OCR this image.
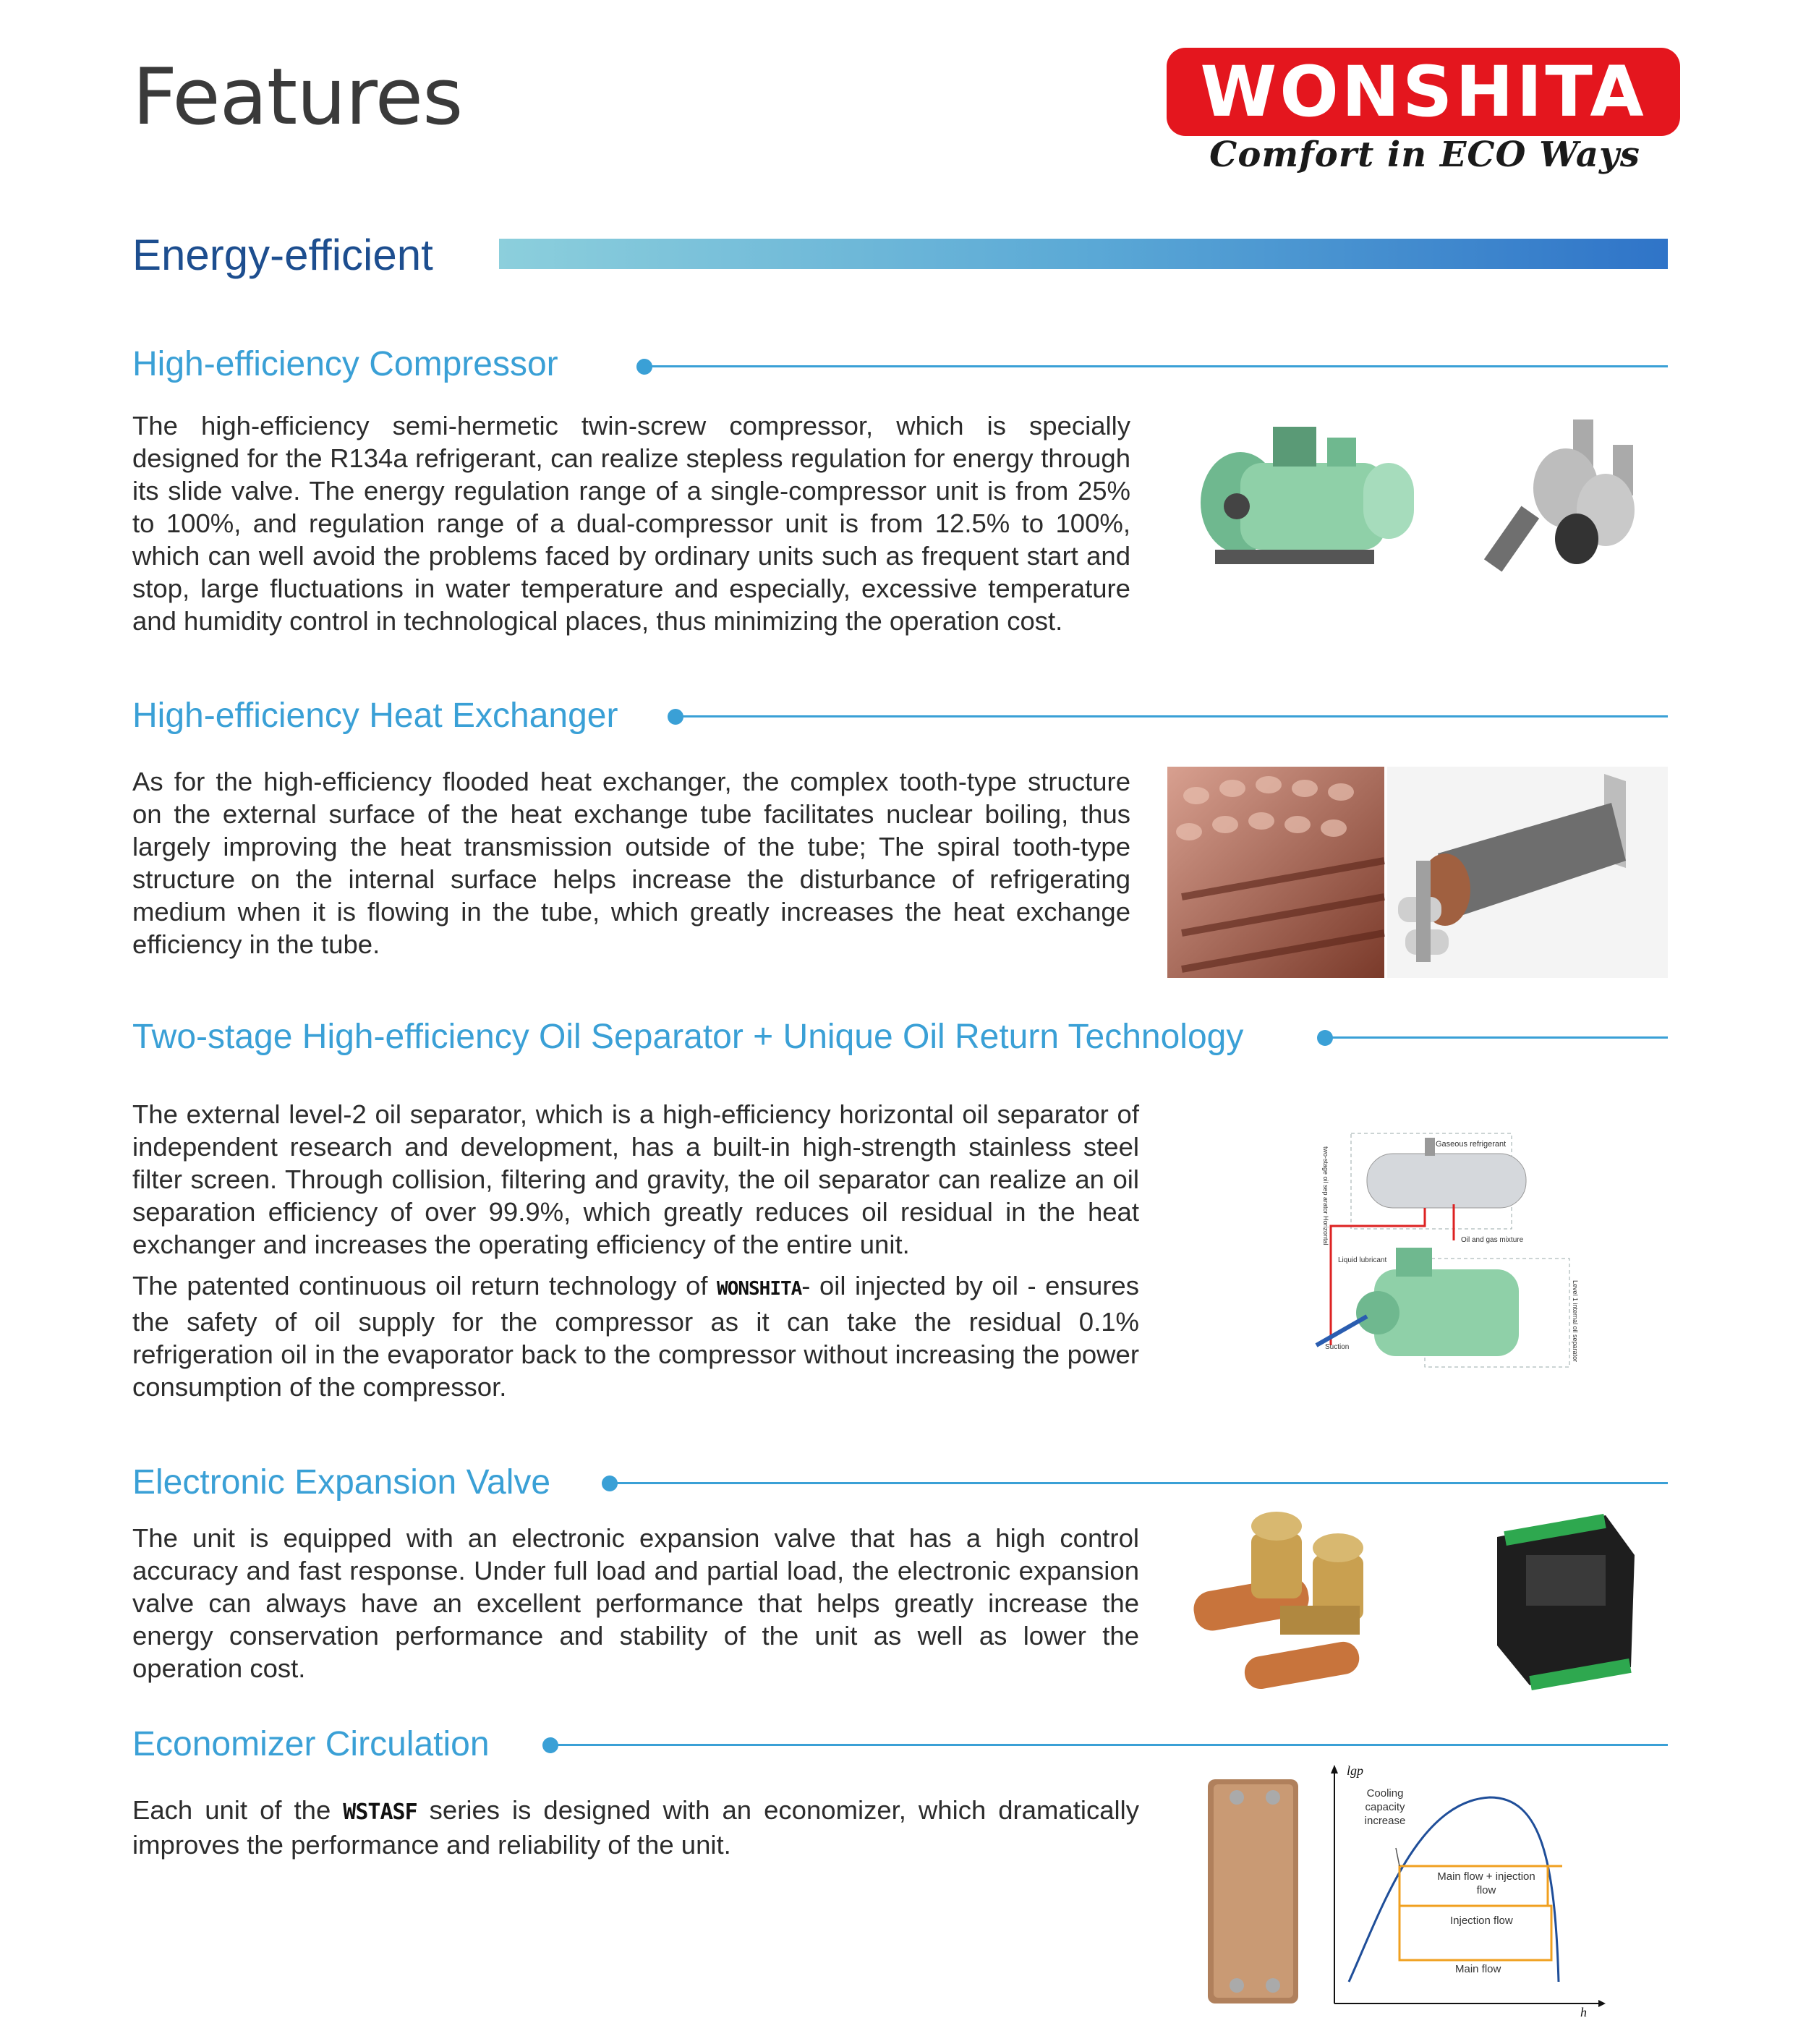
Features	WONSHITA
Comfort in ECO Ways
Energy-efficient
High-efficiency Compressor
The high-efficiency semi-hermetic twin-screw compressor, which is specially designed for the R134a refrigerant, can realize stepless regulation for energy through its slide valve. The energy regulation range of a single-compressor unit is from 25% to 100%, and regulation range of a dual-compressor unit is from 12.5% to 100%, which can well avoid the problems faced by ordinary units such as frequent start and stop, large fluctuations in water temperature and especially, excessive temperature and humidity control in technological places, thus minimizing the operation cost.
High-efficiency Heat Exchanger
As for the high-efficiency flooded heat exchanger, the complex tooth-type structure on the external surface of the heat exchange tube facilitates nuclear boiling, thus largely improving the heat transmission outside of the tube; The spiral tooth-type structure on the internal surface helps increase the disturbance of refrigerating medium when it is flowing in the tube, which greatly increases the heat exchange efficiency in the tube.
Two-stage High-efficiency Oil Separator + Unique Oil Return Technology
The external level-2 oil separator, which is a high-efficiency horizontal oil separator of independent research and development, has a built-in high-strength stainless steel filter screen. Through collision, filtering and gravity, the oil separator can realize an oil separation efficiency of over 99.9%, which greatly reduces oil residual in the heat exchanger and increases the operating efficiency of the entire unit.
The patented continuous oil return technology of WONSHITA- oil injected by oil - ensures the safety of oil supply for the compressor as it can take the residual 0.1% refrigeration oil in the evaporator back to the compressor without increasing the power consumption of the compressor.
Gaseous refrigerant
Oil and gas mixture
Liquid lubricant
Suction
two-stage oil sep arator Horizontal
Level 1 internal oil separator
Electronic Expansion Valve
The unit is equipped with an electronic expansion valve that has a high control accuracy and fast response. Under full load and partial load, the electronic expansion valve can always have an excellent performance that helps greatly increase the energy conservation performance and stability of the unit as well as lower the operation cost.
Economizer Circulation
Each unit of the WSTASF series is designed with an economizer, which dramatically improves the performance and reliability of the unit.
lgp
h
Cooling capacity increase
Main flow + injection flow
Injection flow
Main flow
